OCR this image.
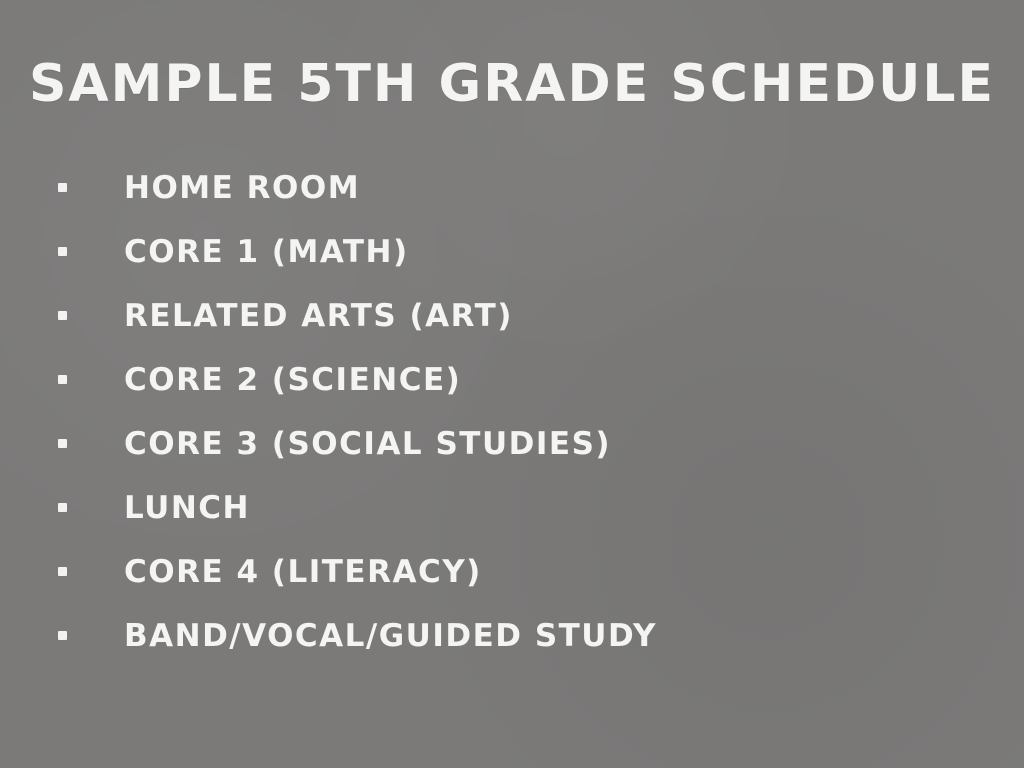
SAMPLE 5TH GRADE SCHEDULE
HOME ROOM
CORE 1 (MATH)
RELATED ARTS (ART)
CORE 2 (SCIENCE)
CORE 3 (SOCIAL STUDIES)
LUNCH
CORE 4 (LITERACY)
BAND/VOCAL/GUIDED STUDY
